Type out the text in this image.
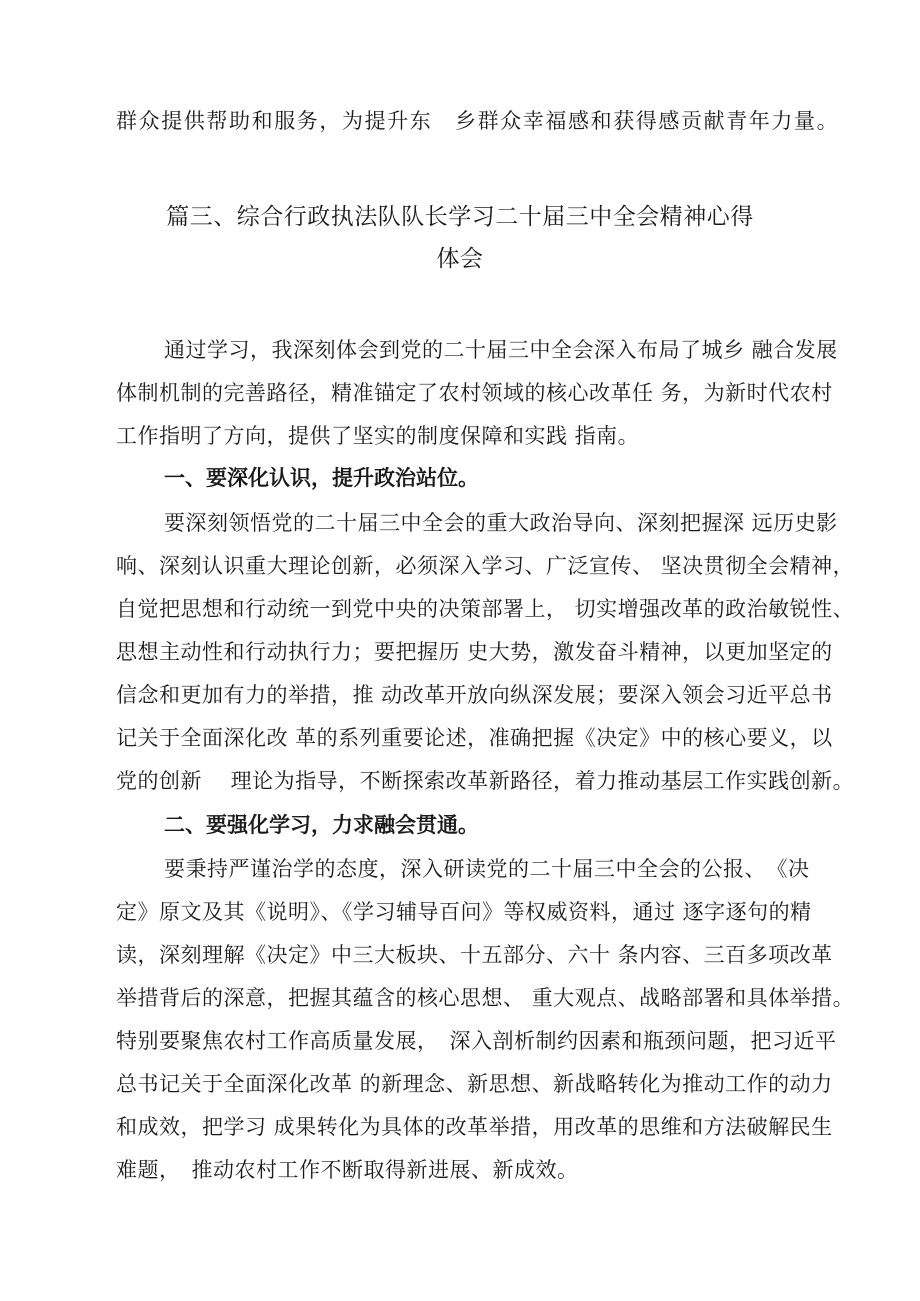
群众提供帮助和服务，为提升东　乡群众幸福感和获得感贡献青年力量。
篇三、综合行政执法队队长学习二十届三中全会精神心得
体会
通过学习，我深刻体会到党的二十届三中全会深入布局了城乡 融合发展
体制机制的完善路径，精准锚定了农村领域的核心改革任 务，为新时代农村
工作指明了方向，提供了坚实的制度保障和实践 指南。
一、要深化认识，提升政治站位。
要深刻领悟党的二十届三中全会的重大政治导向、深刻把握深 远历史影
响、深刻认识重大理论创新，必须深入学习、广泛宣传、 坚决贯彻全会精神，
自觉把思想和行动统一到党中央的决策部署上， 切实增强改革的政治敏锐性、
思想主动性和行动执行力；要把握历 史大势，激发奋斗精神，以更加坚定的
信念和更加有力的举措，推 动改革开放向纵深发展；要深入领会习近平总书
记关于全面深化改 革的系列重要论述，准确把握《决定》中的核心要义，以
党的创新　 理论为指导，不断探索改革新路径，着力推动基层工作实践创新。
二、要强化学习，力求融会贯通。
要秉持严谨治学的态度，深入研读党的二十届三中全会的公报、　《决
定》原文及其《说明》、《学习辅导百问》等权威资料，通过 逐字逐句的精
读，深刻理解《决定》中三大板块、十五部分、六十 条内容、三百多项改革
举措背后的深意，把握其蕴含的核心思想、 重大观点、战略部署和具体举措。
特别要聚焦农村工作高质量发展，　深入剖析制约因素和瓶颈问题，把习近平
总书记关于全面深化改革 的新理念、新思想、新战略转化为推动工作的动力
和成效，把学习 成果转化为具体的改革举措，用改革的思维和方法破解民生
难题，　推动农村工作不断取得新进展、新成效。
